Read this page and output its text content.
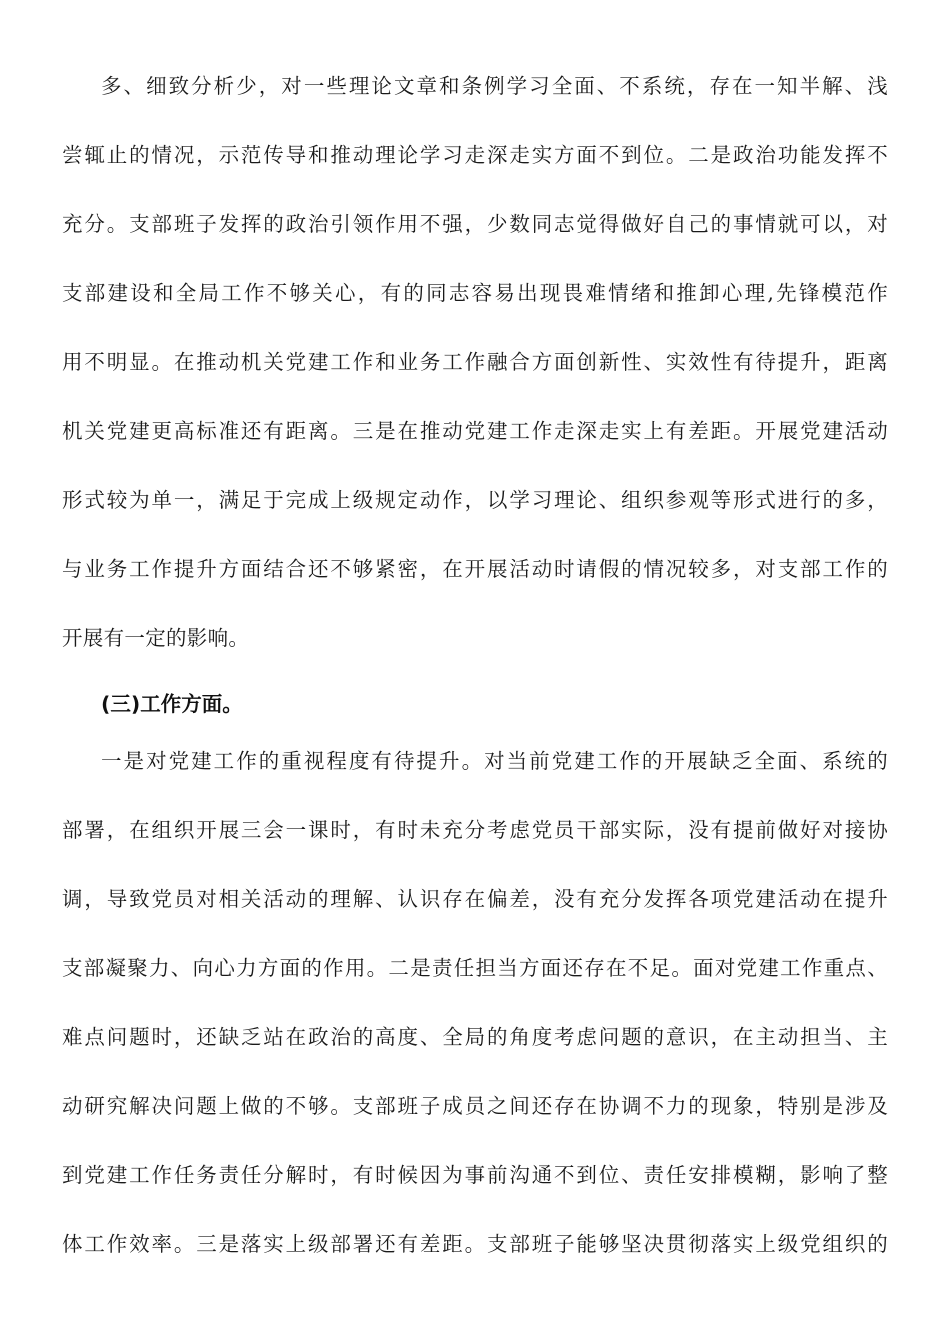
多、细致分析少，对一些理论文章和条例学习全面、不系统，存在一知半解、浅

尝辄止的情况，示范传导和推动理论学习走深走实方面不到位。二是政治功能发挥不

充分。支部班子发挥的政治引领作用不强，少数同志觉得做好自己的事情就可以，对

支部建设和全局工作不够关心，有的同志容易出现畏难情绪和推卸心理,先锋模范作

用不明显。在推动机关党建工作和业务工作融合方面创新性、实效性有待提升，距离

机关党建更高标准还有距离。三是在推动党建工作走深走实上有差距。开展党建活动

形式较为单一，满足于完成上级规定动作，以学习理论、组织参观等形式进行的多，

与业务工作提升方面结合还不够紧密，在开展活动时请假的情况较多，对支部工作的

开展有一定的影响。

(三)工作方面。

一是对党建工作的重视程度有待提升。对当前党建工作的开展缺乏全面、系统的

部署，在组织开展三会一课时，有时未充分考虑党员干部实际，没有提前做好对接协

调，导致党员对相关活动的理解、认识存在偏差，没有充分发挥各项党建活动在提升

支部凝聚力、向心力方面的作用。二是责任担当方面还存在不足。面对党建工作重点、

难点问题时，还缺乏站在政治的高度、全局的角度考虑问题的意识，在主动担当、主

动研究解决问题上做的不够。支部班子成员之间还存在协调不力的现象，特别是涉及

到党建工作任务责任分解时，有时候因为事前沟通不到位、责任安排模糊，影响了整

体工作效率。三是落实上级部署还有差距。支部班子能够坚决贯彻落实上级党组织的
